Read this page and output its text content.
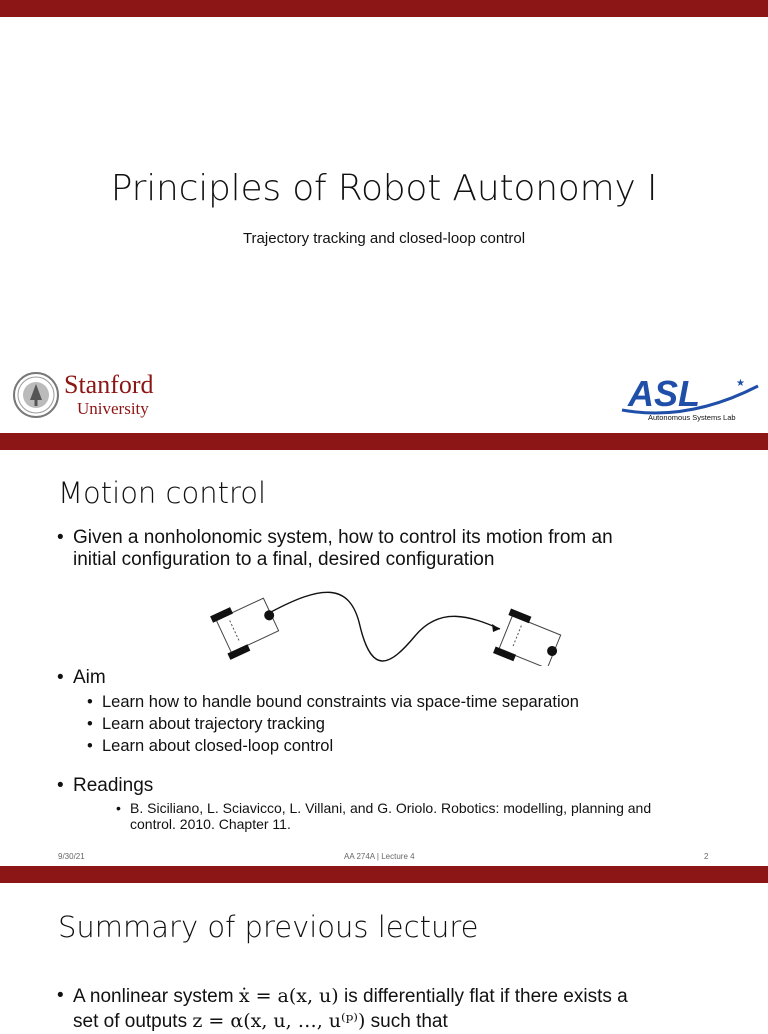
Principles of Robot Autonomy I
Trajectory tracking and closed-loop control
Stanford
University	ASL	★
Autonomous Systems Lab
Motion control
• Given a nonholonomic system, how to control its motion from an
initial configuration to a final, desired configuration
• Aim
• Learn how to handle bound constraints via space-time separation
• Learn about trajectory tracking
• Learn about closed-loop control
• Readings
• B. Siciliano, L. Sciavicco, L. Villani, and G. Oriolo. Robotics: modelling, planning and
control. 2010. Chapter 11.
9/30/21	AA 274A | Lecture 4	2
Summary of previous lecture
• A nonlinear system ẋ = a(x, u) is differentially flat if there exists a
set of outputs z = α(x, u, …, u⁽ᵖ⁾) such that
